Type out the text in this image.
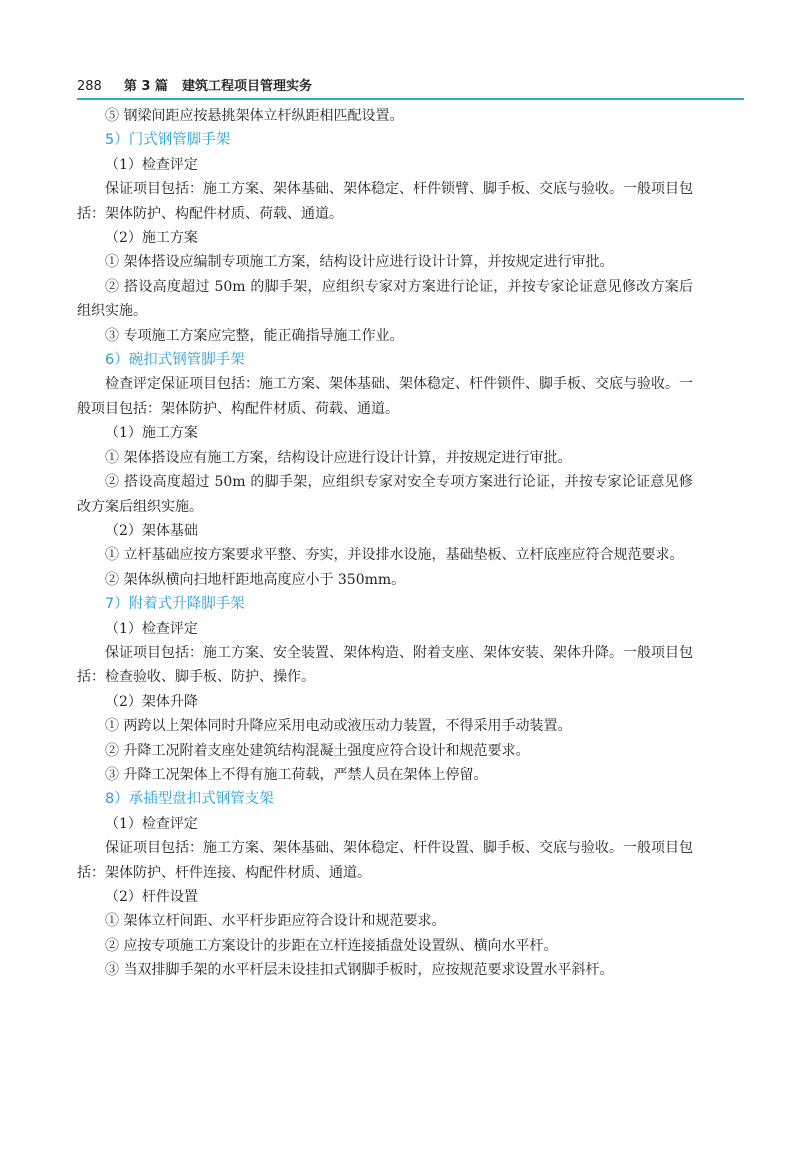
288 第 3 篇 建筑工程项目管理实务

⑤ 钢梁间距应按悬挑架体立杆纵距相匹配设置。

5）门式钢管脚手架

（1）检查评定

保证项目包括：施工方案、架体基础、架体稳定、杆件锁臂、脚手板、交底与验收。一般项目包括：架体防护、构配件材质、荷载、通道。

（2）施工方案

① 架体搭设应编制专项施工方案，结构设计应进行设计计算，并按规定进行审批。

② 搭设高度超过 50m 的脚手架，应组织专家对方案进行论证，并按专家论证意见修改方案后组织实施。

③ 专项施工方案应完整，能正确指导施工作业。

6）碗扣式钢管脚手架

检查评定保证项目包括：施工方案、架体基础、架体稳定、杆件锁件、脚手板、交底与验收。一般项目包括：架体防护、构配件材质、荷载、通道。

（1）施工方案

① 架体搭设应有施工方案，结构设计应进行设计计算，并按规定进行审批。

② 搭设高度超过 50m 的脚手架，应组织专家对安全专项方案进行论证，并按专家论证意见修改方案后组织实施。

（2）架体基础

① 立杆基础应按方案要求平整、夯实，并设排水设施，基础垫板、立杆底座应符合规范要求。

② 架体纵横向扫地杆距地高度应小于 350mm。

7）附着式升降脚手架

（1）检查评定

保证项目包括：施工方案、安全装置、架体构造、附着支座、架体安装、架体升降。一般项目包括：检查验收、脚手板、防护、操作。

（2）架体升降

① 两跨以上架体同时升降应采用电动或液压动力装置，不得采用手动装置。

② 升降工况附着支座处建筑结构混凝土强度应符合设计和规范要求。

③ 升降工况架体上不得有施工荷载，严禁人员在架体上停留。

8）承插型盘扣式钢管支架

（1）检查评定

保证项目包括：施工方案、架体基础、架体稳定、杆件设置、脚手板、交底与验收。一般项目包括：架体防护、杆件连接、构配件材质、通道。

（2）杆件设置

① 架体立杆间距、水平杆步距应符合设计和规范要求。

② 应按专项施工方案设计的步距在立杆连接插盘处设置纵、横向水平杆。

③ 当双排脚手架的水平杆层未设挂扣式钢脚手板时，应按规范要求设置水平斜杆。
